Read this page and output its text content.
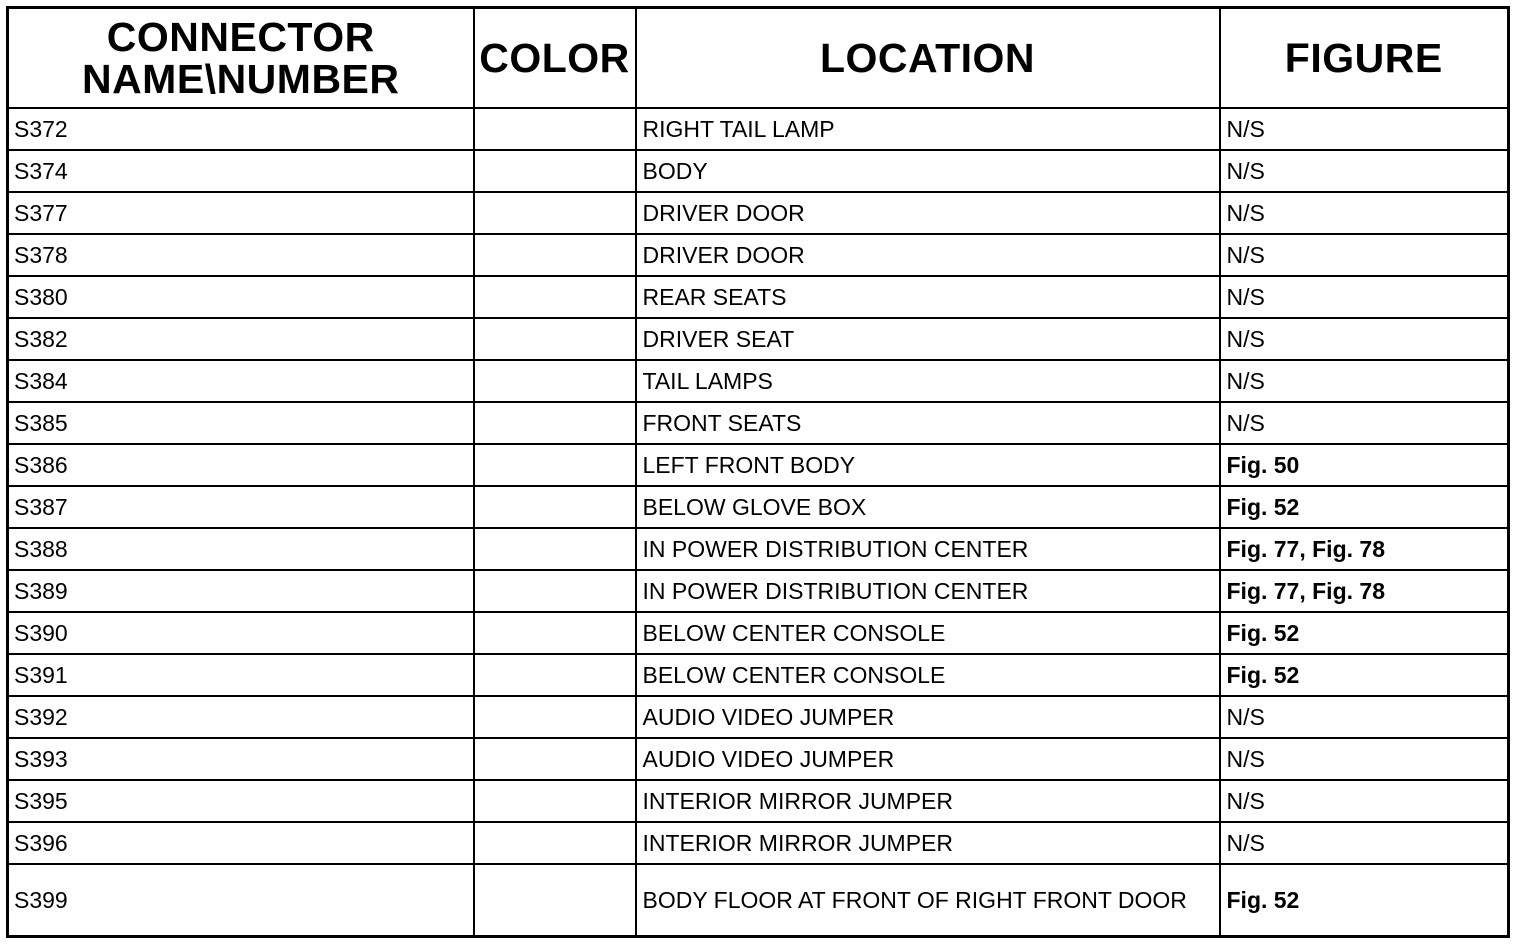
CONNECTOR
NAME\NUMBER	COLOR	LOCATION	FIGURE
S372		RIGHT TAIL LAMP	N/S
S374		BODY	N/S
S377		DRIVER DOOR	N/S
S378		DRIVER DOOR	N/S
S380		REAR SEATS	N/S
S382		DRIVER SEAT	N/S
S384		TAIL LAMPS	N/S
S385		FRONT SEATS	N/S
S386		LEFT FRONT BODY	Fig. 50
S387		BELOW GLOVE BOX	Fig. 52
S388		IN POWER DISTRIBUTION CENTER	Fig. 77, Fig. 78
S389		IN POWER DISTRIBUTION CENTER	Fig. 77, Fig. 78
S390		BELOW CENTER CONSOLE	Fig. 52
S391		BELOW CENTER CONSOLE	Fig. 52
S392		AUDIO VIDEO JUMPER	N/S
S393		AUDIO VIDEO JUMPER	N/S
S395		INTERIOR MIRROR JUMPER	N/S
S396		INTERIOR MIRROR JUMPER	N/S
S399		BODY FLOOR AT FRONT OF RIGHT FRONT DOOR	Fig. 52
